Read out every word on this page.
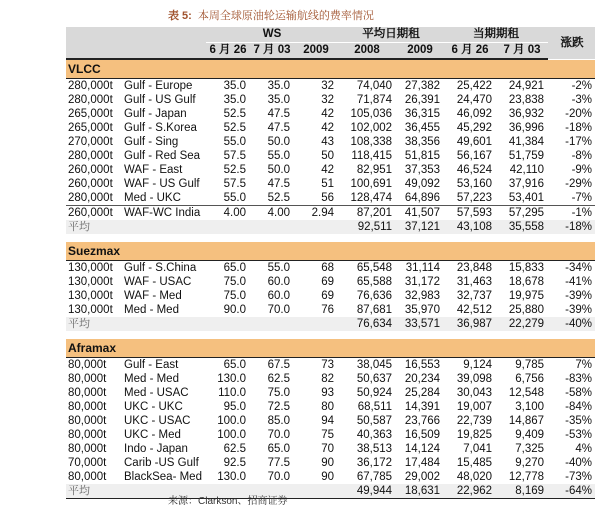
表 5: 本周全球原油轮运输航线的费率情况
		WS			平均日期租		当期期租		涨跌
		6 月 26	7 月 03	2009	2008	2009	6 月 26	7 月 03	
VLCC									
280,000t	Gulf - Europe	35.0	35.0	32	74,040	27,382	25,422	24,921	-2%
280,000t	Gulf - US Gulf	35.0	35.0	32	71,874	26,391	24,470	23,838	-3%
265,000t	Gulf - Japan	52.5	47.5	42	105,036	36,315	46,092	36,932	-20%
265,000t	Gulf - S.Korea	52.5	47.5	42	102,002	36,455	45,292	36,996	-18%
270,000t	Gulf - Sing	55.0	50.0	43	108,338	38,356	49,601	41,384	-17%
280,000t	Gulf - Red Sea	57.5	55.0	50	118,415	51,815	56,167	51,759	-8%
260,000t	WAF - East	52.5	50.0	42	82,951	37,353	46,524	42,110	-9%
260,000t	WAF - US Gulf	57.5	47.5	51	100,691	49,092	53,160	37,916	-29%
280,000t	Med - UKC	55.0	52.5	56	128,474	64,896	57,223	53,401	-7%
260,000t	WAF-WC India	4.00	4.00	2.94	87,201	41,507	57,593	57,295	-1%
平均					92,511	37,121	43,108	35,558	-18%

Suezmax									
130,000t	Gulf - S.China	65.0	55.0	68	65,548	31,114	23,848	15,833	-34%
130,000t	WAF - USAC	75.0	60.0	69	65,588	31,172	31,463	18,678	-41%
130,000t	WAF - Med	75.0	60.0	69	76,636	32,983	32,737	19,975	-39%
130,000t	Med - Med	90.0	70.0	76	87,681	35,970	42,512	25,880	-39%
平均					76,634	33,571	36,987	22,279	-40%

Aframax									
80,000t	Gulf - East	65.0	67.5	73	38,045	16,553	9,124	9,785	7%
80,000t	Med - Med	130.0	62.5	82	50,637	20,234	39,098	6,756	-83%
80,000t	Med - USAC	110.0	75.0	93	50,924	25,284	30,043	12,548	-58%
80,000t	UKC - UKC	95.0	72.5	80	68,511	14,391	19,007	3,100	-84%
80,000t	UKC - USAC	100.0	85.0	94	50,587	23,766	22,739	14,867	-35%
80,000t	UKC - Med	100.0	70.0	75	40,363	16,509	19,825	9,409	-53%
80,000t	Indo - Japan	62.5	65.0	70	38,513	14,124	7,041	7,325	4%
70,000t	Carib -US Gulf	92.5	77.5	90	36,172	17,484	15,485	9,270	-40%
80,000t	BlackSea- Med	130.0	70.0	90	67,785	29,002	48,020	12,778	-73%
平均					49,944	18,631	22,962	8,169	-64%
来源：Clarkson、招商证券
